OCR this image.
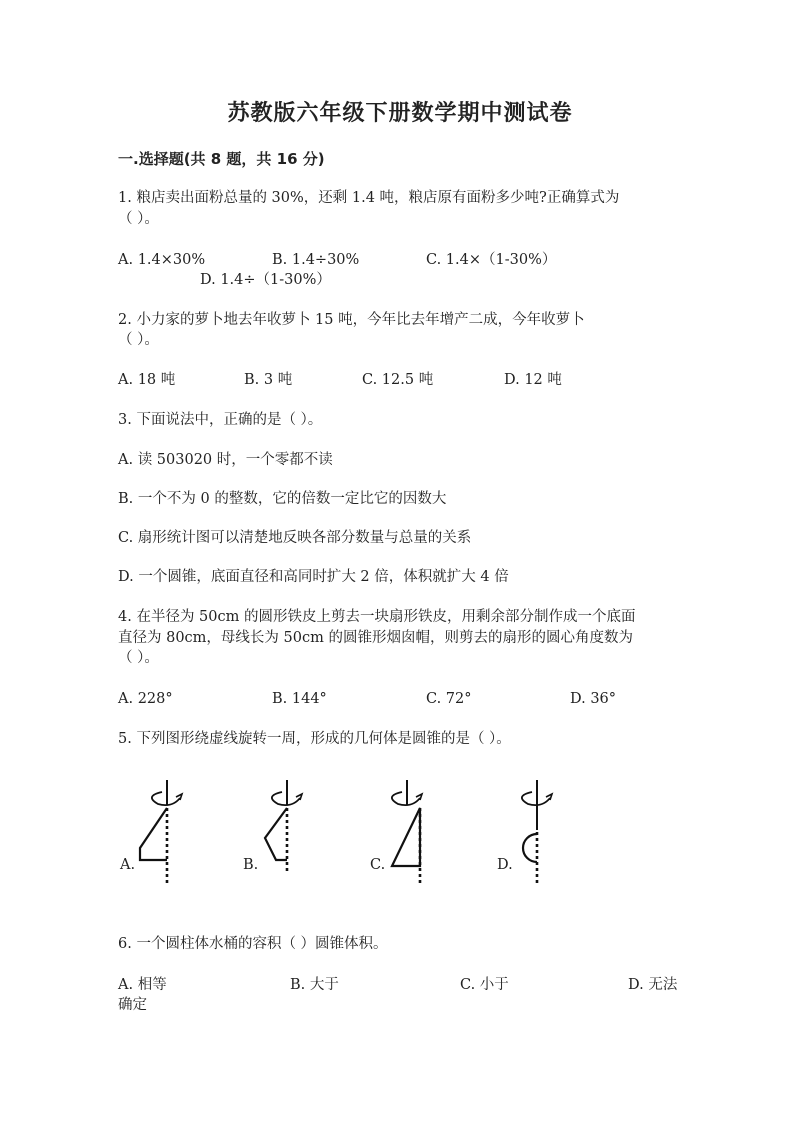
苏教版六年级下册数学期中测试卷
一.选择题(共 8 题，共 16 分)
1. 粮店卖出面粉总量的 30%，还剩 1.4 吨，粮店原有面粉多少吨?正确算式为
（ ）。
A. 1.4×30%	B. 1.4÷30%	C. 1.4×（1-30%）
D. 1.4÷（1-30%）
2. 小力家的萝卜地去年收萝卜 15 吨，今年比去年增产二成，今年收萝卜
（ ）。
A. 18 吨	B. 3 吨	C. 12.5 吨	D. 12 吨
3. 下面说法中，正确的是（ ）。
A. 读 503020 时，一个零都不读
B. 一个不为 0 的整数，它的倍数一定比它的因数大
C. 扇形统计图可以清楚地反映各部分数量与总量的关系
D. 一个圆锥，底面直径和高同时扩大 2 倍，体积就扩大 4 倍
4. 在半径为 50cm 的圆形铁皮上剪去一块扇形铁皮，用剩余部分制作成一个底面
直径为 80cm，母线长为 50cm 的圆锥形烟囱帽，则剪去的扇形的圆心角度数为
（ ）。
A. 228°	B. 144°	C. 72°	D. 36°
5. 下列图形绕虚线旋转一周，形成的几何体是圆锥的是（ ）。
A.	B.	C.	D.
6. 一个圆柱体水桶的容积（ ）圆锥体积。
A. 相等	B. 大于	C. 小于	D. 无法
确定
